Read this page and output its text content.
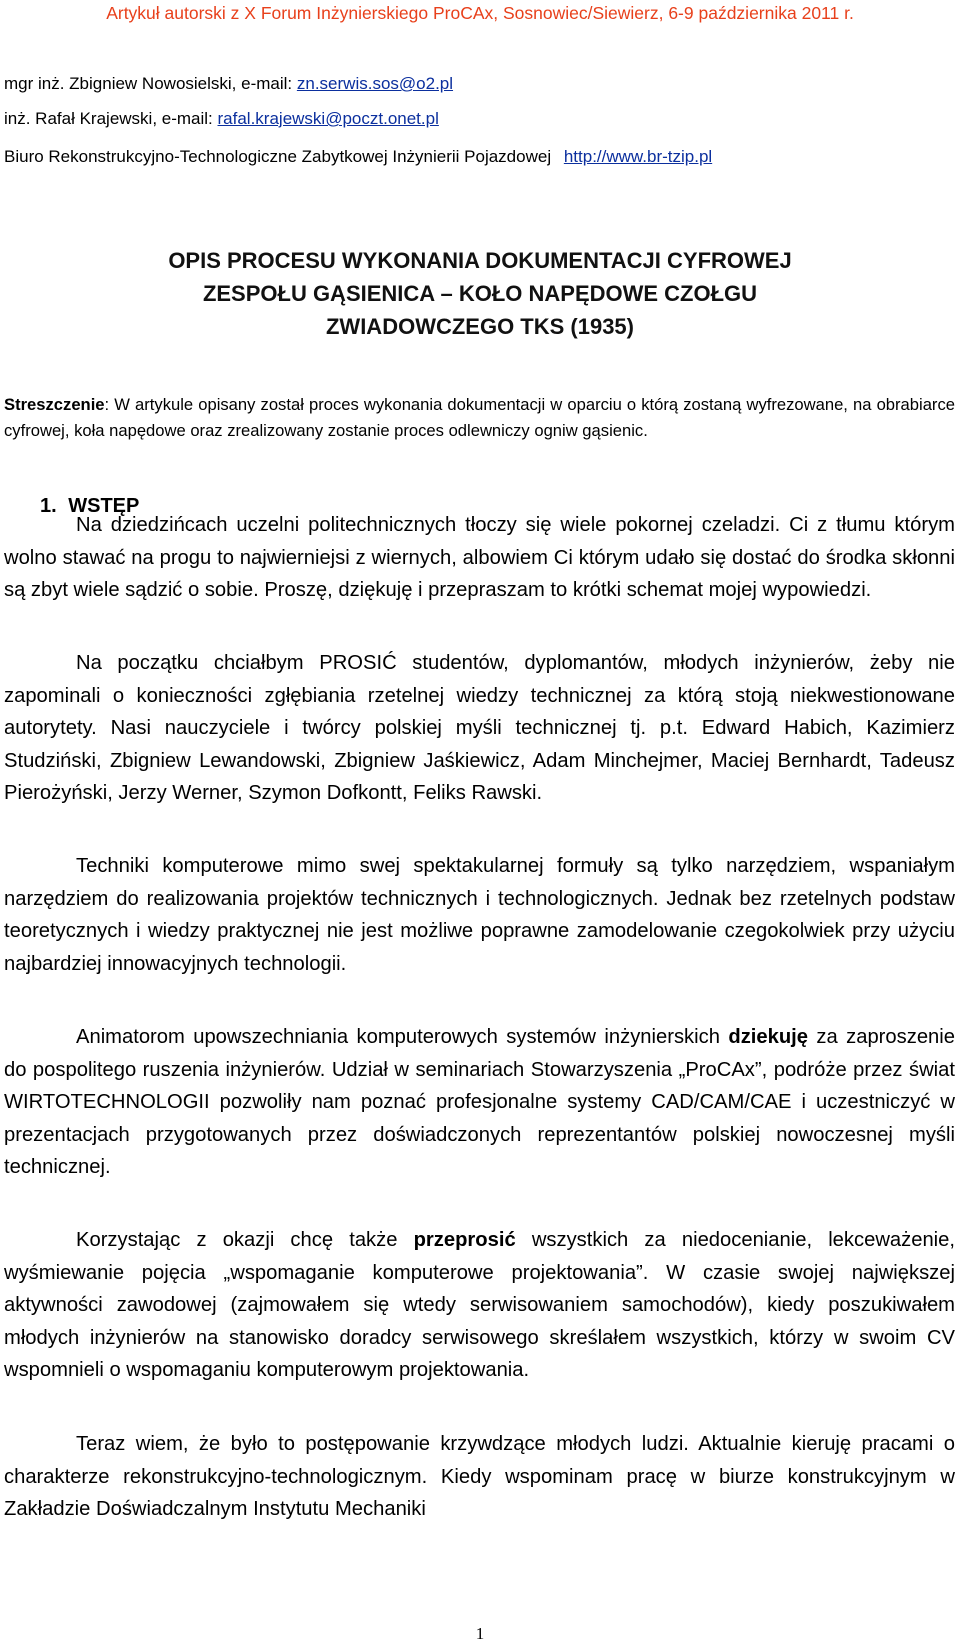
Artykuł autorski z X Forum Inżynierskiego ProCAx, Sosnowiec/Siewierz, 6-9 października 2011 r.
mgr inż. Zbigniew Nowosielski, e-mail: zn.serwis.sos@o2.pl
inż. Rafał Krajewski, e-mail: rafal.krajewski@poczt.onet.pl
Biuro Rekonstrukcyjno-Technologiczne Zabytkowej Inżynierii Pojazdowej http://www.br-tzip.pl
OPIS PROCESU WYKONANIA DOKUMENTACJI CYFROWEJ
ZESPOŁU GĄSIENICA – KOŁO NAPĘDOWE CZOŁGU
ZWIADOWCZEGO TKS (1935)
Streszczenie: W artykule opisany został proces wykonania dokumentacji w oparciu o którą zostaną wyfrezowane, na obrabiarce cyfrowej, koła napędowe oraz zrealizowany zostanie proces odlewniczy ogniw gąsienic.
1. WSTĘP

Na dziedzińcach uczelni politechnicznych tłoczy się wiele pokornej czeladzi. Ci z tłumu którym wolno stawać na progu to najwierniejsi z wiernych, albowiem Ci którym udało się dostać do środka skłonni są zbyt wiele sądzić o sobie. Proszę, dziękuję i przepraszam to krótki schemat mojej wypowiedzi.

Na początku chciałbym PROSIĆ studentów, dyplomantów, młodych inżynierów, żeby nie zapominali o konieczności zgłębiania rzetelnej wiedzy technicznej za którą stoją niekwestionowane autorytety. Nasi nauczyciele i twórcy polskiej myśli technicznej tj. p.t. Edward Habich, Kazimierz Studziński, Zbigniew Lewandowski, Zbigniew Jaśkiewicz, Adam Minchejmer, Maciej Bernhardt, Tadeusz Pierożyński, Jerzy Werner, Szymon Dofkontt, Feliks Rawski.

Techniki komputerowe mimo swej spektakularnej formuły są tylko narzędziem, wspaniałym narzędziem do realizowania projektów technicznych i technologicznych. Jednak bez rzetelnych podstaw teoretycznych i wiedzy praktycznej nie jest możliwe poprawne zamodelowanie czegokolwiek przy użyciu najbardziej innowacyjnych technologii.

Animatorom upowszechniania komputerowych systemów inżynierskich dziekuję za zaproszenie do pospolitego ruszenia inżynierów. Udział w seminariach Stowarzyszenia „ProCAx”, podróże przez świat WIRTOTECHNOLOGII pozwoliły nam poznać profesjonalne systemy CAD/CAM/CAE i uczestniczyć w prezentacjach przygotowanych przez doświadczonych reprezentantów polskiej nowoczesnej myśli technicznej.

Korzystając z okazji chcę także przeprosić wszystkich za niedocenianie, lekceważenie, wyśmiewanie pojęcia „wspomaganie komputerowe projektowania”. W czasie swojej największej aktywności zawodowej (zajmowałem się wtedy serwisowaniem samochodów), kiedy poszukiwałem młodych inżynierów na stanowisko doradcy serwisowego skreślałem wszystkich, którzy w swoim CV wspomnieli o wspomaganiu komputerowym projektowania.

Teraz wiem, że było to postępowanie krzywdzące młodych ludzi. Aktualnie kieruję pracami o charakterze rekonstrukcyjno-technologicznym. Kiedy wspominam pracę w biurze konstrukcyjnym w Zakładzie Doświadczalnym Instytutu Mechaniki

1
